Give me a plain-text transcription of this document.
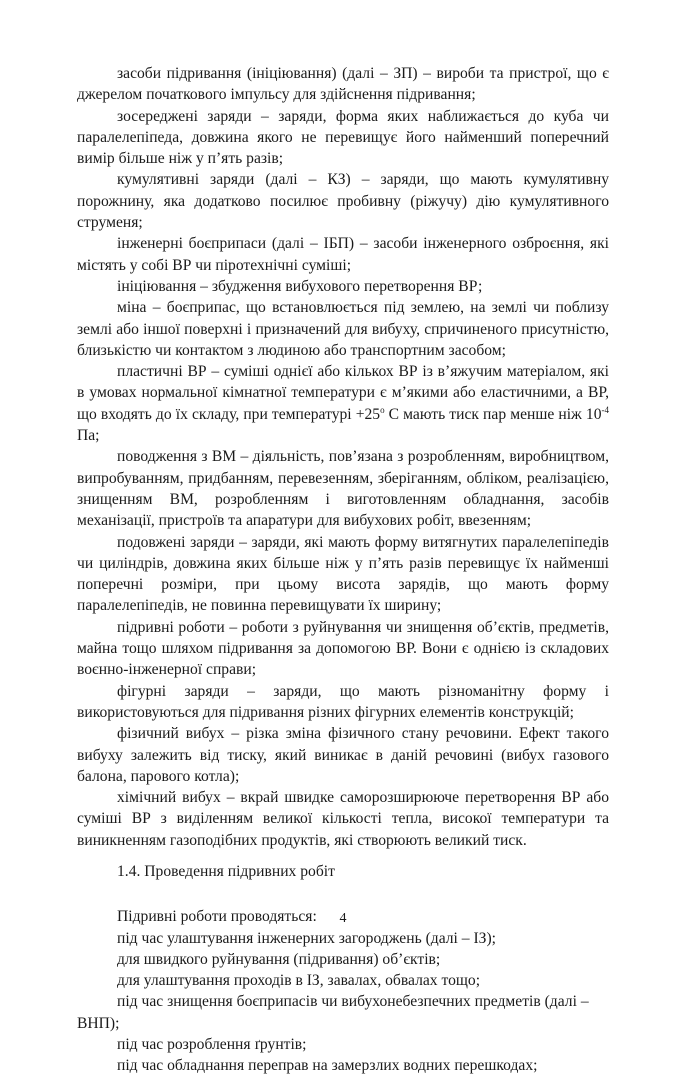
засоби підривання (ініціювання) (далі – ЗП) – вироби та пристрої, що є джерелом початкового імпульсу для здійснення підривання;

зосереджені заряди – заряди, форма яких наближається до куба чи паралелепіпеда, довжина якого не перевищує його найменший поперечний вимір більше ніж у п’ять разів;

кумулятивні заряди (далі – КЗ) – заряди, що мають кумулятивну порожнину, яка додатково посилює пробивну (ріжучу) дію кумулятивного струменя;

інженерні боєприпаси (далі – ІБП) – засоби інженерного озброєння, які містять у собі ВР чи піротехнічні суміші;

ініціювання – збудження вибухового перетворення ВР;

міна – боєприпас, що встановлюється під землею, на землі чи поблизу землі або іншої поверхні і призначений для вибуху, спричиненого присутністю, близькістю чи контактом з людиною або транспортним засобом;

пластичні ВР – суміші однієї або кількох ВР із в’яжучим матеріалом, які в умовах нормальної кімнатної температури є м’якими або еластичними, а ВР, що входять до їх складу, при температурі $+25^о$ С мають тиск пар менше ніж $10^{-4}$ Па;

поводження з ВМ – діяльність, пов’язана з розробленням, виробництвом, випробуванням, придбанням, перевезенням, зберіганням, обліком, реалізацією, знищенням ВМ, розробленням і виготовленням обладнання, засобів механізації, пристроїв та апаратури для вибухових робіт, ввезенням;

подовжені заряди – заряди, які мають форму витягнутих паралелепіпедів чи циліндрів, довжина яких більше ніж у п’ять разів перевищує їх найменші поперечні розміри, при цьому висота зарядів, що мають форму паралелепіпедів, не повинна перевищувати їх ширину;

підривні роботи – роботи з руйнування чи знищення об’єктів, предметів, майна тощо шляхом підривання за допомогою ВР. Вони є однією із складових воєнно-інженерної справи;

фігурні заряди – заряди, що мають різноманітну форму і використовуються для підривання різних фігурних елементів конструкцій;

фізичний вибух – різка зміна фізичного стану речовини. Ефект такого вибуху залежить від тиску, який виникає в даній речовині (вибух газового балона, парового котла);

хімічний вибух – вкрай швидке саморозширююче перетворення ВР або суміші ВР з виділенням великої кількості тепла, високої температури та виникненням газоподібних продуктів, які створюють великий тиск.

1.4. Проведення підривних робіт

Підривні роботи проводяться:

під час улаштування інженерних загороджень (далі – ІЗ);

для швидкого руйнування (підривання) об’єктів;

для улаштування проходів в ІЗ, завалах, обвалах тощо;

під час знищення боєприпасів чи вибухонебезпечних предметів (далі – ВНП);

під час розроблення ґрунтів;

під час обладнання переправ на замерзлих водних перешкодах;

4
